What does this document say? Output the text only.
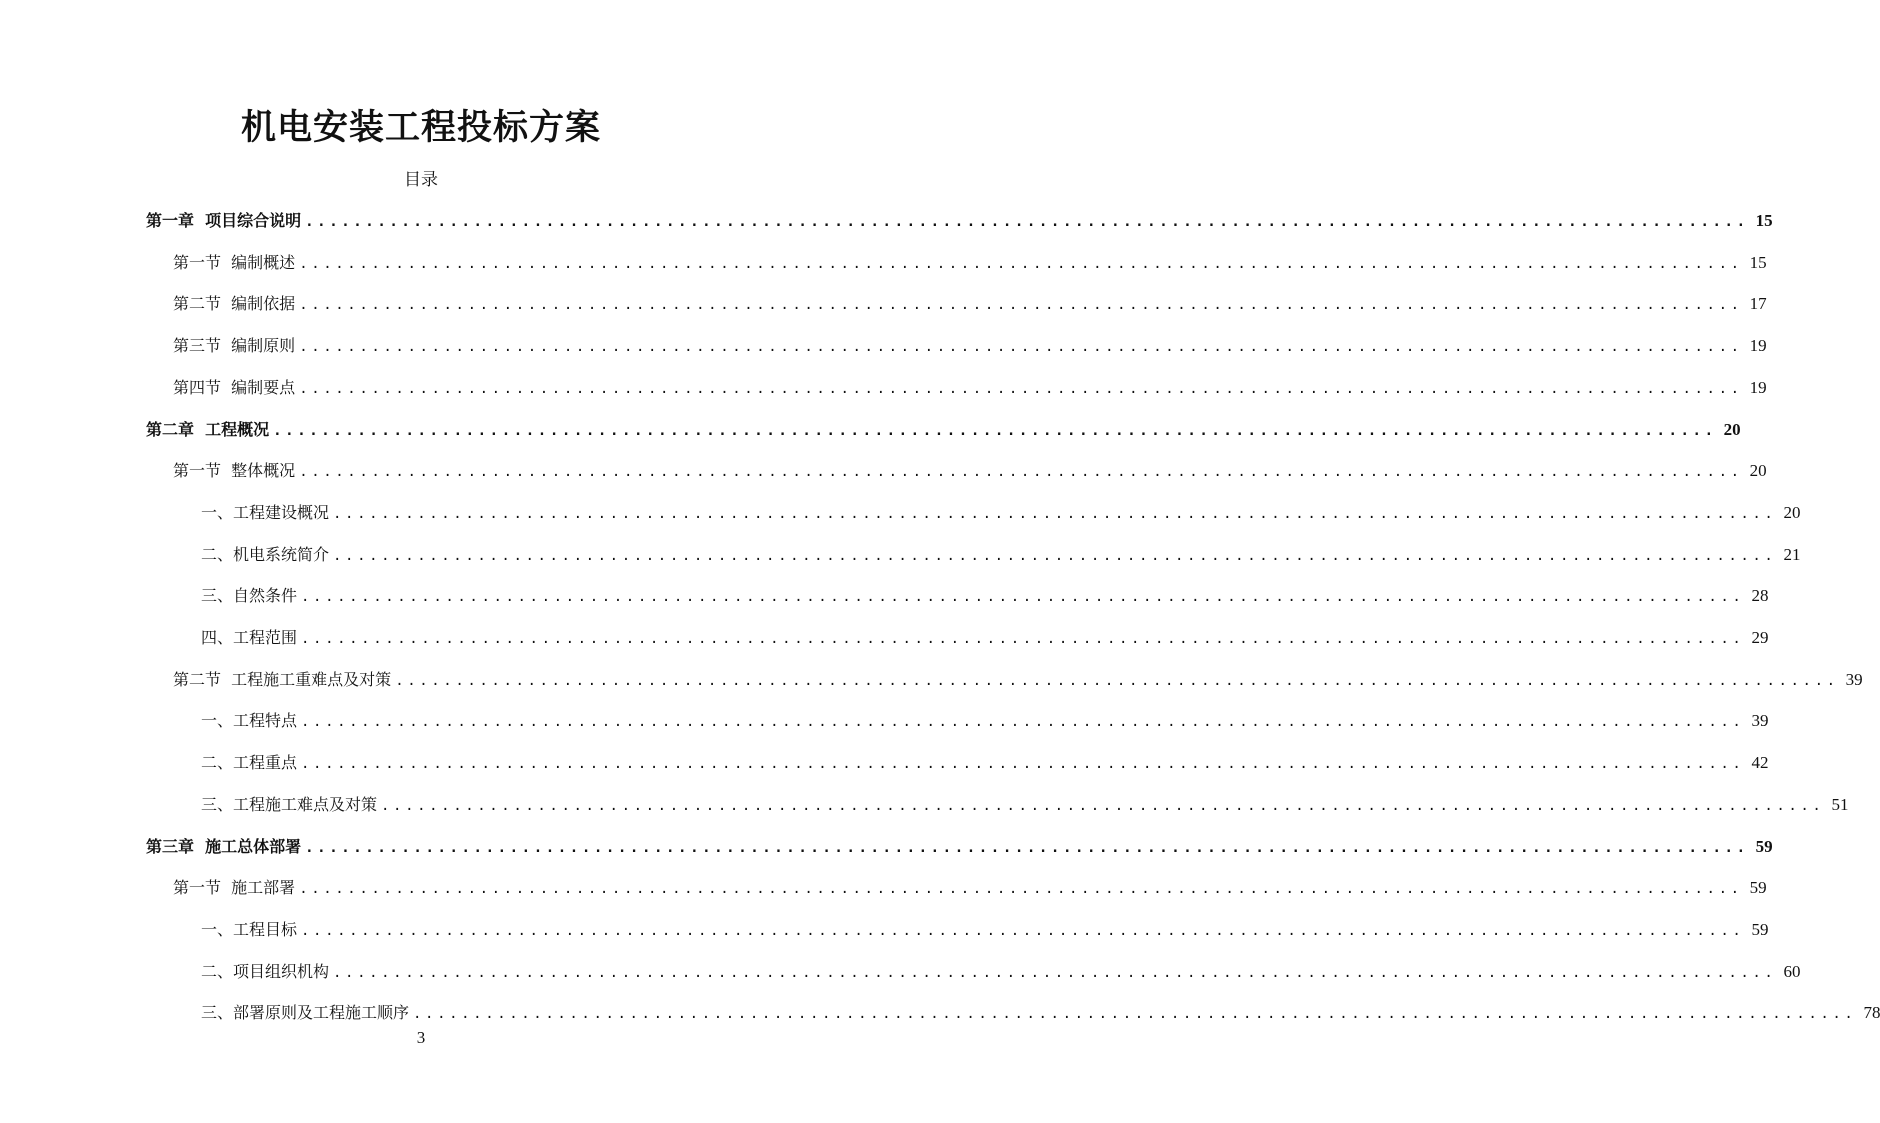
机电安装工程投标方案
目录
第一章  项目综合说明 ........................................................................................................................ 15
第一节  编制概述 ........................................................................................................................ 15
第二节  编制依据 ........................................................................................................................ 17
第三节  编制原则 ........................................................................................................................ 19
第四节  编制要点 ........................................................................................................................ 19
第二章  工程概况 ........................................................................................................................ 20
第一节  整体概况 ........................................................................................................................ 20
一、工程建设概况 ........................................................................................................................ 20
二、机电系统简介 ........................................................................................................................ 21
三、自然条件 ........................................................................................................................ 28
四、工程范围 ........................................................................................................................ 29
第二节  工程施工重难点及对策 ........................................................................................................................ 39
一、工程特点 ........................................................................................................................ 39
二、工程重点 ........................................................................................................................ 42
三、工程施工难点及对策 ........................................................................................................................ 51
第三章  施工总体部署 ........................................................................................................................ 59
第一节  施工部署 ........................................................................................................................ 59
一、工程目标 ........................................................................................................................ 59
二、项目组织机构 ........................................................................................................................ 60
三、部署原则及工程施工顺序 ........................................................................................................................ 78
3
